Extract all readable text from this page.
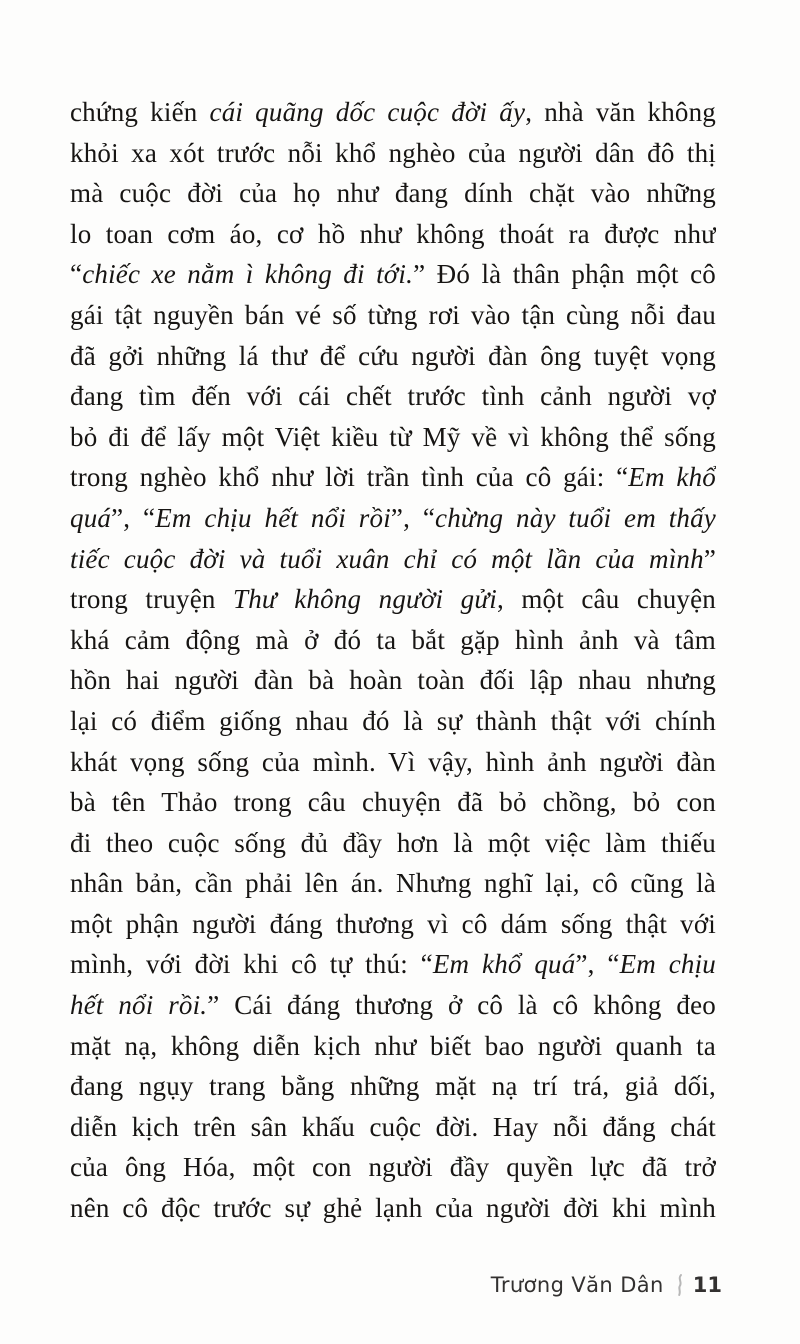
chứng kiến cái quãng dốc cuộc đời ấy, nhà văn không
khỏi xa xót trước nỗi khổ nghèo của người dân đô thị
mà cuộc đời của họ như đang dính chặt vào những
lo toan cơm áo, cơ hồ như không thoát ra được như
“chiếc xe nằm ì không đi tới.” Đó là thân phận một cô
gái tật nguyền bán vé số từng rơi vào tận cùng nỗi đau
đã gởi những lá thư để cứu người đàn ông tuyệt vọng
đang tìm đến với cái chết trước tình cảnh người vợ
bỏ đi để lấy một Việt kiều từ Mỹ về vì không thể sống
trong nghèo khổ như lời trần tình của cô gái: “Em khổ
quá”, “Em chịu hết nổi rồi”, “chừng này tuổi em thấy
tiếc cuộc đời và tuổi xuân chỉ có một lần của mình”
trong truyện Thư không người gửi, một câu chuyện
khá cảm động mà ở đó ta bắt gặp hình ảnh và tâm
hồn hai người đàn bà hoàn toàn đối lập nhau nhưng
lại có điểm giống nhau đó là sự thành thật với chính
khát vọng sống của mình. Vì vậy, hình ảnh người đàn
bà tên Thảo trong câu chuyện đã bỏ chồng, bỏ con
đi theo cuộc sống đủ đầy hơn là một việc làm thiếu
nhân bản, cần phải lên án. Nhưng nghĩ lại, cô cũng là
một phận người đáng thương vì cô dám sống thật với
mình, với đời khi cô tự thú: “Em khổ quá”, “Em chịu
hết nổi rồi.” Cái đáng thương ở cô là cô không đeo
mặt nạ, không diễn kịch như biết bao người quanh ta
đang ngụy trang bằng những mặt nạ trí trá, giả dối,
diễn kịch trên sân khấu cuộc đời. Hay nỗi đắng chát
của ông Hóa, một con người đầy quyền lực đã trở
nên cô độc trước sự ghẻ lạnh của người đời khi mình
Trương Văn Dân 11
